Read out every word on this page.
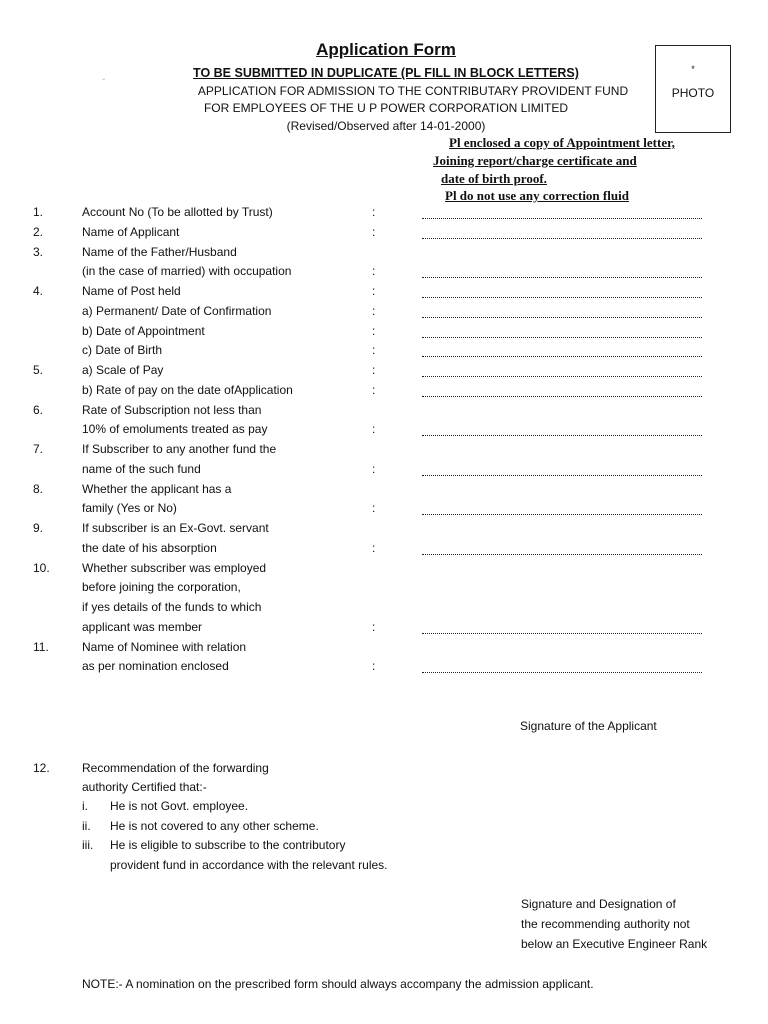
Application Form
TO BE SUBMITTED IN DUPLICATE (PL FILL IN BLOCK LETTERS)
APPLICATION FOR ADMISSION TO THE CONTRIBUTARY PROVIDENT FUND
FOR EMPLOYEES OF THE U P POWER CORPORATION LIMITED
(Revised/Observed after 14-01-2000)
ˇ
*
PHOTO
Pl enclosed a copy of Appointment letter,
Joining report/charge certificate and
date of birth proof.
Pl do not use any correction fluid
1.	Account No (To be allotted by Trust)	:
2.	Name of Applicant	:
3.	Name of the Father/Husband
(in the case of married) with occupation	:
4.	Name of Post held	:
a) Permanent/ Date of Confirmation	:
b) Date of Appointment	:
c) Date of Birth	:
5.	a) Scale of Pay	:
b) Rate of pay on the date ofApplication	:
6.	Rate of Subscription not less than
10% of emoluments treated as pay	:
7.	If Subscriber to any another fund the
name of the such fund	:
8.	Whether the applicant has a
family (Yes or No)	:
9.	If subscriber is an Ex-Govt. servant
the date of his absorption	:
10.	Whether subscriber was employed
before joining the corporation,
if yes details of the funds to which
applicant was member	:
11.	Name of Nominee with relation
as per nomination enclosed	:
Signature of the Applicant
12.	Recommendation of the forwarding
authority Certified that:-
i. He is not Govt. employee.
ii. He is not covered to any other scheme.
iii. He is eligible to subscribe to the contributory
provident fund in accordance with the relevant rules.
Signature and Designation of
the recommending authority not
below an Executive Engineer Rank
NOTE:- A nomination on the prescribed form should always accompany the admission applicant.
